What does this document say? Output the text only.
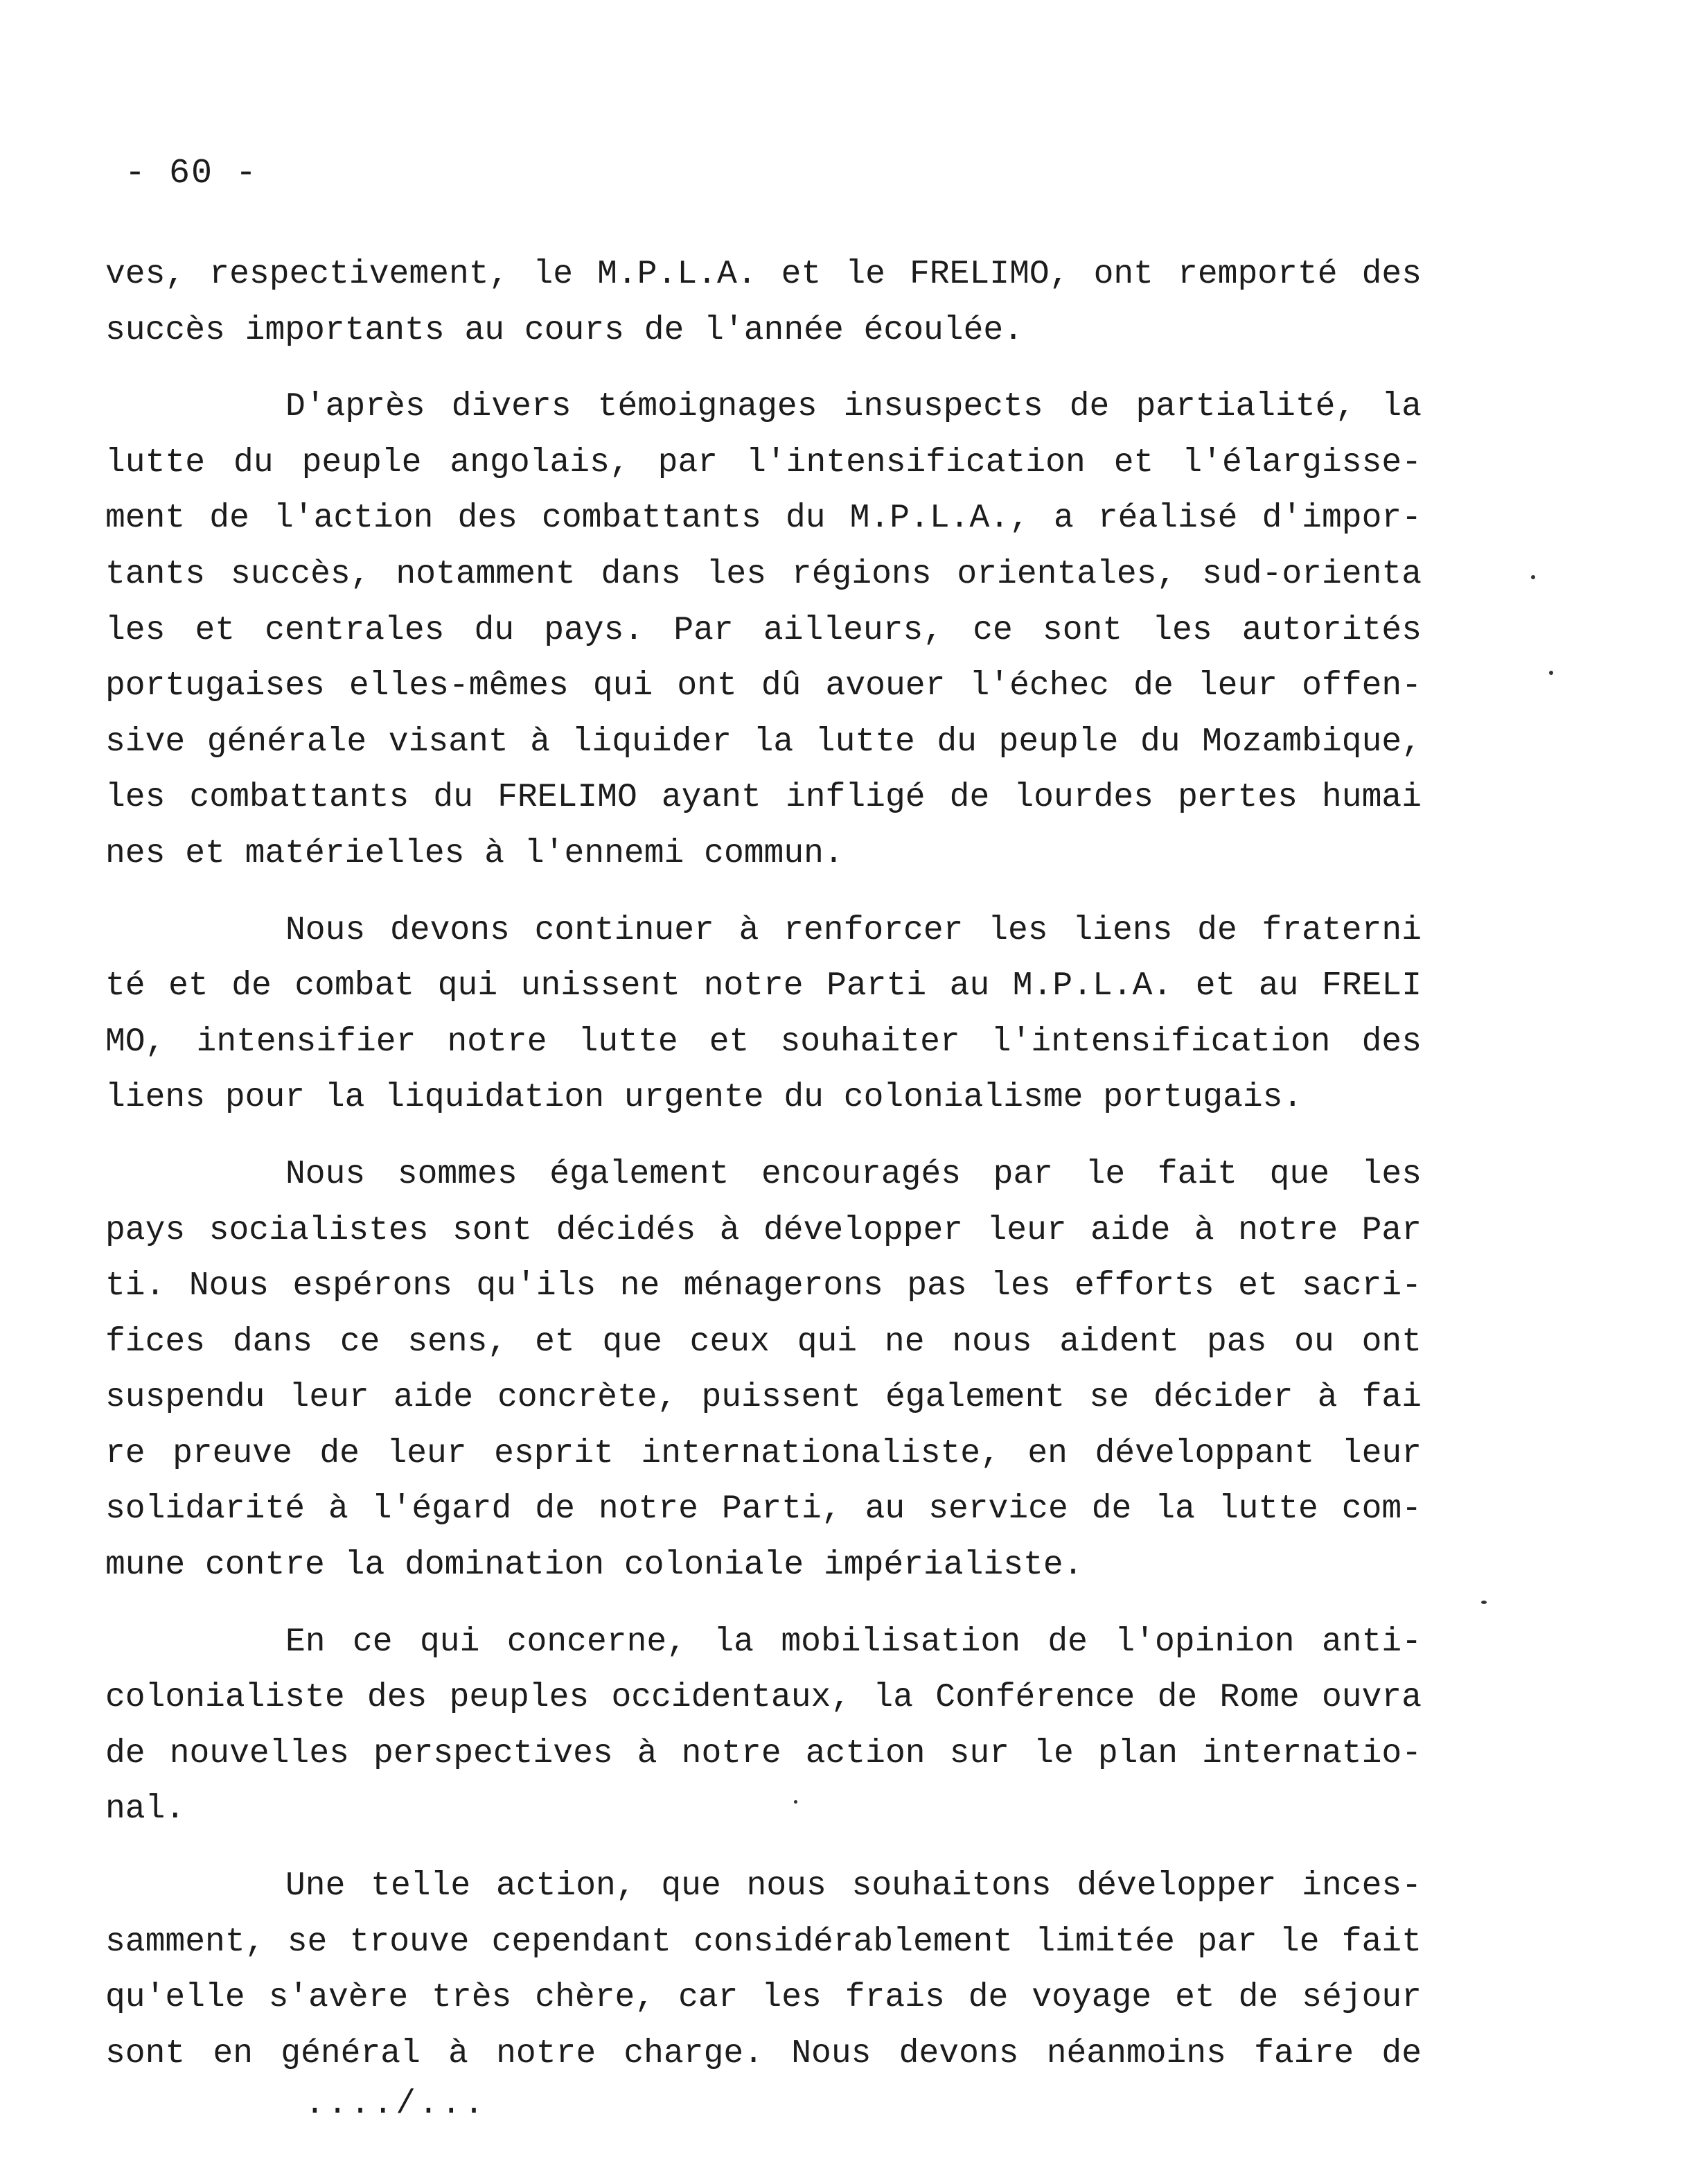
- 60 -
ves, respectivement, le M.P.L.A. et le FRELIMO, ont remporté des
succès importants au cours de l'année écoulée.
D'après divers témoignages insuspects de partialité, la
lutte du peuple angolais, par l'intensification et l'élargisse-
ment de l'action des combattants du M.P.L.A., a réalisé d'impor-
tants succès, notamment dans les régions orientales, sud-orienta
les et centrales du pays. Par ailleurs, ce sont les autorités
portugaises elles-mêmes qui ont dû avouer l'échec de leur offen-
sive générale visant à liquider la lutte du peuple du Mozambique,
les combattants du FRELIMO ayant infligé de lourdes pertes humai
nes et matérielles à l'ennemi commun.
Nous devons continuer à renforcer les liens de fraterni
té et de combat qui unissent notre Parti au M.P.L.A. et au FRELI
MO, intensifier notre lutte et souhaiter l'intensification des
liens pour la liquidation urgente du colonialisme portugais.
Nous sommes également encouragés par le fait que les
pays socialistes sont décidés à développer leur aide à notre Par
ti. Nous espérons qu'ils ne ménagerons pas les efforts et sacri-
fices dans ce sens, et que ceux qui ne nous aident pas ou ont
suspendu leur aide concrète, puissent également se décider à fai
re preuve de leur esprit internationaliste, en développant leur
solidarité à l'égard de notre Parti, au service de la lutte com-
mune contre la domination coloniale impérialiste.
En ce qui concerne, la mobilisation de l'opinion anti-
colonialiste des peuples occidentaux, la Conférence de Rome ouvra
de nouvelles perspectives à notre action sur le plan internatio-
nal.
Une telle action, que nous souhaitons développer inces-
samment, se trouve cependant considérablement limitée par le fait
qu'elle s'avère très chère, car les frais de voyage et de séjour
sont en général à notre charge. Nous devons néanmoins faire de
..../...
